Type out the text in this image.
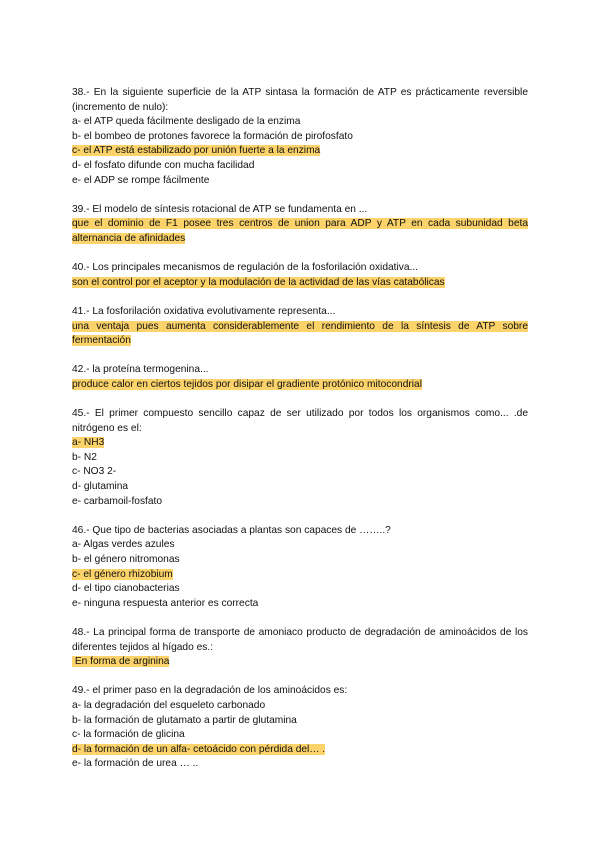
38.- En la siguiente superficie de la ATP sintasa la formación de ATP es prácticamente reversible (incremento de nulo):
a- el ATP queda fácilmente desligado de la enzima
b- el bombeo de protones favorece la formación de pirofosfato
c- el ATP está estabilizado por unión fuerte a la enzima
d- el fosfato difunde con mucha facilidad
e- el ADP se rompe fácilmente
39.- El modelo de síntesis rotacional de ATP se fundamenta en ...
que el dominio de F1 posee tres centros de union para ADP y ATP en cada subunidad beta alternancia de afinidades
40.- Los principales mecanismos de regulación de la fosforilación oxidativa...
son el control por el aceptor y la modulación de la actividad de las vías catabólicas
41.- La fosforilación oxidativa evolutivamente representa...
una ventaja pues aumenta considerablemente el rendimiento de la síntesis de ATP sobre fermentación
42.- la proteína termogenina...
produce calor en ciertos tejidos por disipar el gradiente protónico mitocondrial
45.- El primer compuesto sencillo capaz de ser utilizado por todos los organismos como... .de nitrógeno es el:
a- NH3
b- N2
c- NO3 2-
d- glutamina
e- carbamoil-fosfato
46.- Que tipo de bacterias asociadas a plantas son capaces de ……..?
a- Algas verdes azules
b- el género nitromonas
c- el género rhizobium
d- el tipo cianobacterias
e- ninguna respuesta anterior es correcta
48.- La principal forma de transporte de amoniaco producto de degradación de aminoácidos de los diferentes tejidos al hígado es.:
En forma de arginina
49.- el primer paso en la degradación de los aminoácidos es:
a- la degradación del esqueleto carbonado
b- la formación de glutamato a partir de glutamina
c- la formación de glicina
d- la formación de un alfa- cetoácido con pérdida del… .
e- la formación de urea … ..
